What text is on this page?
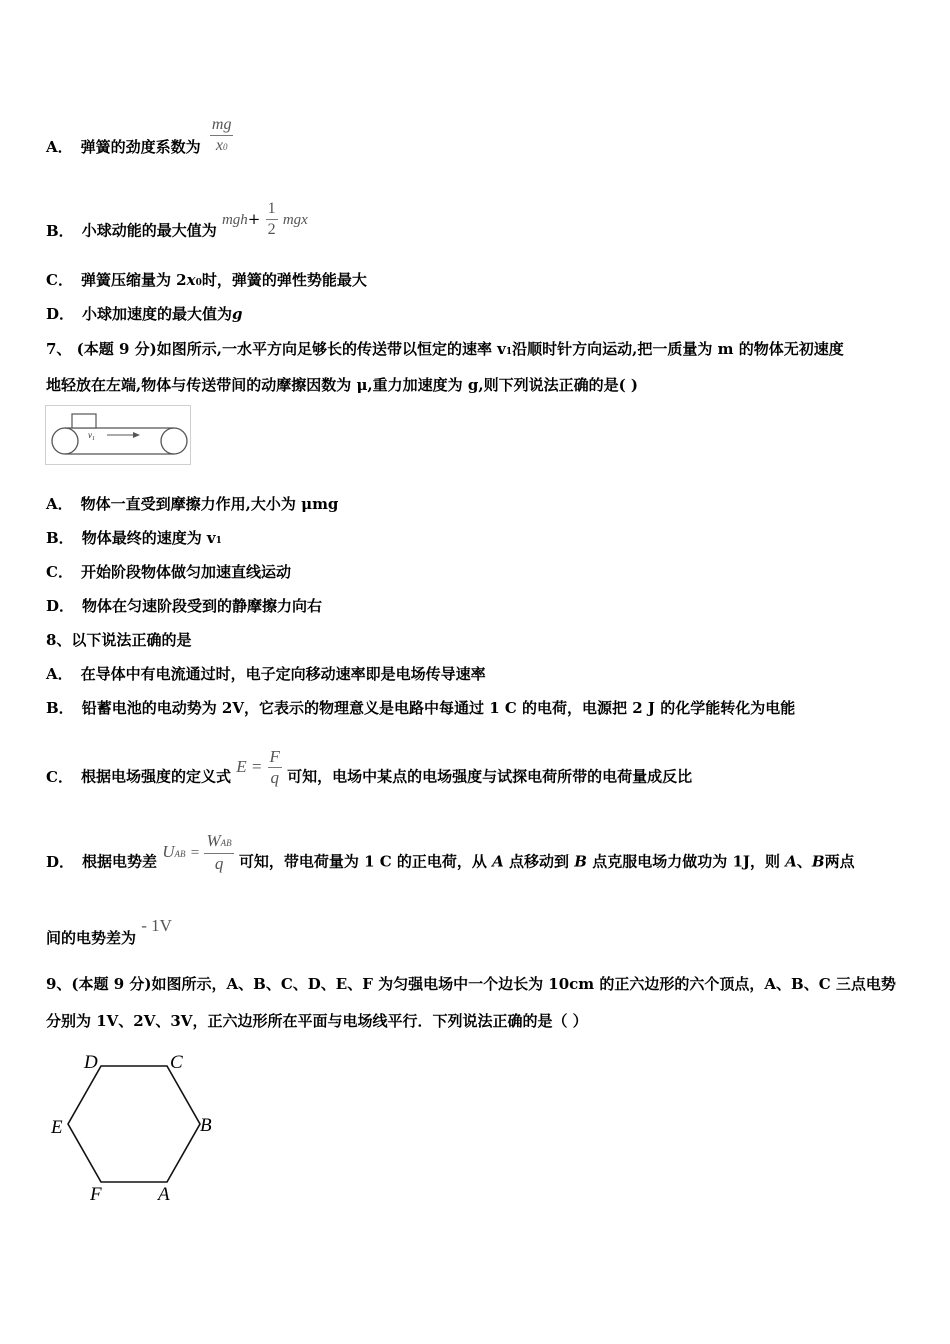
A． 弹簧的劲度系数为 $\frac{mg}{x0}$
B． 小球动能的最大值为 $mgh+ \frac{1}{2}$ mgx
C． 弹簧压缩量为 2x0时，弹簧的弹性势能最大
D． 小球加速度的最大值为g
7、 (本题 9 分)如图所示,一水平方向足够长的传送带以恒定的速率 v1沿顺时针方向运动,把一质量为 m 的物体无初速度
地轻放在左端,物体与传送带间的动摩擦因数为 μ,重力加速度为 g,则下列说法正确的是( )
$v_1$
A． 物体一直受到摩擦力作用,大小为 μmg
B． 物体最终的速度为 v1
C． 开始阶段物体做匀加速直线运动
D． 物体在匀速阶段受到的静摩擦力向右
8、以下说法正确的是
A． 在导体中有电流通过时，电子定向移动速率即是电场传导速率
B． 铅蓄电池的电动势为 2V，它表示的物理意义是电路中每通过 1 C 的电荷，电源把 2 J 的化学能转化为电能
C． 根据电场强度的定义式 $E = \frac{F}{q}$ 可知，电场中某点的电场强度与试探电荷所带的电荷量成反比
D． 根据电势差 UAB = $\frac{\text{WAB}}{q}$ 可知，带电荷量为 1 C 的正电荷，从 A 点移动到 B 点克服电场力做功为 1J，则 A、B两点
间的电势差为 - 1V
9、(本题 9 分)如图所示，A、B、C、D、E、F 为匀强电场中一个边长为 10cm 的正六边形的六个顶点，A、B、C 三点电势
分别为 1V、2V、3V，正六边形所在平面与电场线平行．下列说法正确的是（ ）
D	C
E	B
F	A
